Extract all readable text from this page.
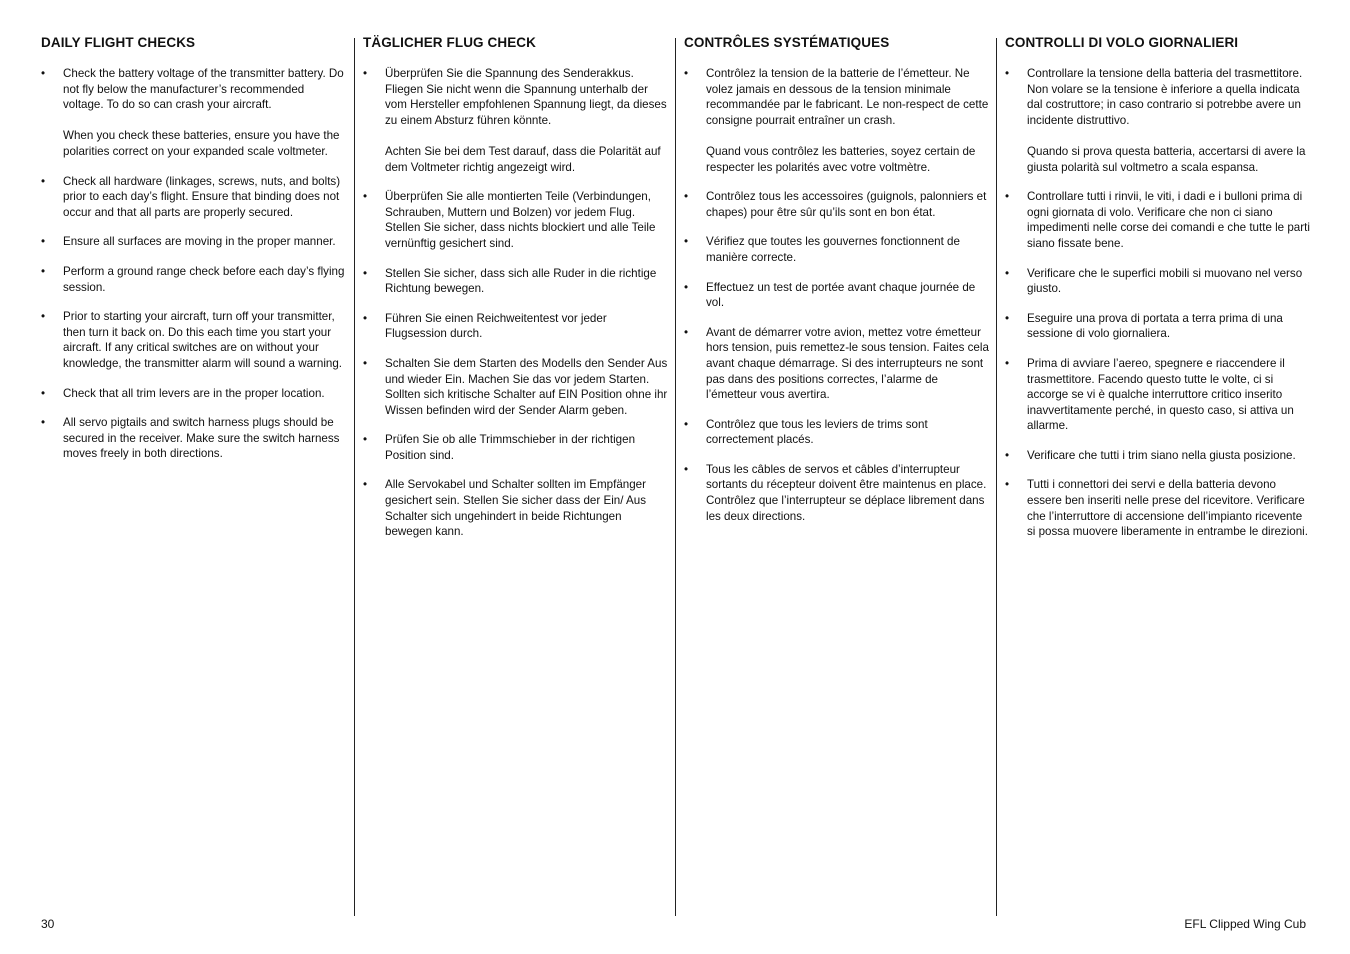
DAILY FLIGHT CHECKS
• Check the battery voltage of the transmitter battery. Do not fly below the manufacturer’s recommended voltage. To do so can crash your aircraft.
When you check these batteries, ensure you have the polarities correct on your expanded scale voltmeter.
• Check all hardware (linkages, screws, nuts, and bolts) prior to each day’s flight. Ensure that binding does not occur and that all parts are properly secured.
• Ensure all surfaces are moving in the proper manner.
• Perform a ground range check before each day’s flying session.
• Prior to starting your aircraft, turn off your transmitter, then turn it back on. Do this each time you start your aircraft. If any critical switches are on without your knowledge, the transmitter alarm will sound a warning.
• Check that all trim levers are in the proper location.
• All servo pigtails and switch harness plugs should be secured in the receiver. Make sure the switch harness moves freely in both directions.
TÄGLICHER FLUG CHECK
• Überprüfen Sie die Spannung des Senderakkus. Fliegen Sie nicht wenn die Spannung unterhalb der vom Hersteller empfohlenen Spannung liegt, da dieses zu einem Absturz führen könnte.
Achten Sie bei dem Test darauf, dass die Polarität auf dem Voltmeter richtig angezeigt wird.
• Überprüfen Sie alle montierten Teile (Verbindungen, Schrauben, Muttern und Bolzen) vor jedem Flug. Stellen Sie sicher, dass nichts blockiert und alle Teile vernünftig gesichert sind.
• Stellen Sie sicher, dass sich alle Ruder in die richtige Richtung bewegen.
• Führen Sie einen Reichweitentest vor jeder Flugsession durch.
• Schalten Sie dem Starten des Modells den Sender Aus und wieder Ein. Machen Sie das vor jedem Starten. Sollten sich kritische Schalter auf EIN Position ohne ihr Wissen befinden wird der Sender Alarm geben.
• Prüfen Sie ob alle Trimmschieber in der richtigen Position sind.
• Alle Servokabel und Schalter sollten im Empfänger gesichert sein. Stellen Sie sicher dass der Ein/ Aus Schalter sich ungehindert in beide Richtungen bewegen kann.
CONTRÔLES SYSTÉMATIQUES
• Contrôlez la tension de la batterie de l’émetteur. Ne volez jamais en dessous de la tension minimale recommandée par le fabricant. Le non-respect de cette consigne pourrait entraîner un crash.
Quand vous contrôlez les batteries, soyez certain de respecter les polarités avec votre voltmètre.
• Contrôlez tous les accessoires (guignols, palonniers et chapes) pour être sûr qu’ils sont en bon état.
• Vérifiez que toutes les gouvernes fonctionnent de manière correcte.
• Effectuez un test de portée avant chaque journée de vol.
• Avant de démarrer votre avion, mettez votre émetteur hors tension, puis remettez-le sous tension. Faites cela avant chaque démarrage. Si des interrupteurs ne sont pas dans des positions correctes, l’alarme de l’émetteur vous avertira.
• Contrôlez que tous les leviers de trims sont correctement placés.
• Tous les câbles de servos et câbles d’interrupteur sortants du récepteur doivent être maintenus en place. Contrôlez que l’interrupteur se déplace librement dans les deux directions.
CONTROLLI DI VOLO GIORNALIERI
• Controllare la tensione della batteria del trasmettitore. Non volare se la tensione è inferiore a quella indicata dal costruttore; in caso contrario si potrebbe avere un incidente distruttivo.
Quando si prova questa batteria, accertarsi di avere la giusta polarità sul voltmetro a scala espansa.
• Controllare tutti i rinvii, le viti, i dadi e i bulloni prima di ogni giornata di volo. Verificare che non ci siano impedimenti nelle corse dei comandi e che tutte le parti siano fissate bene.
• Verificare che le superfici mobili si muovano nel verso giusto.
• Eseguire una prova di portata a terra prima di una sessione di volo giornaliera.
• Prima di avviare l’aereo, spegnere e riaccendere il trasmettitore. Facendo questo tutte le volte, ci si accorge se vi è qualche interruttore critico inserito inavvertitamente perché, in questo caso, si attiva un allarme.
• Verificare che tutti i trim siano nella giusta posizione.
• Tutti i connettori dei servi e della batteria devono essere ben inseriti nelle prese del ricevitore. Verificare che l’interruttore di accensione dell’impianto ricevente si possa muovere liberamente in entrambe le direzioni.
30	EFL Clipped Wing Cub
